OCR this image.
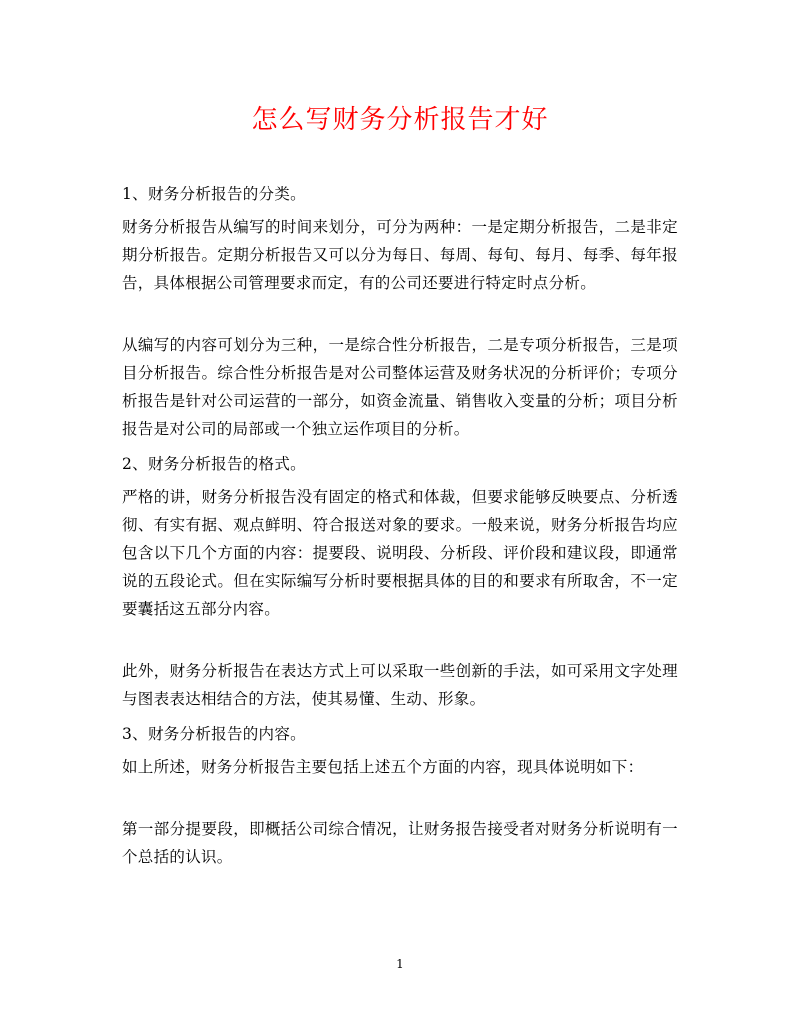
怎么写财务分析报告才好

1、财务分析报告的分类。

财务分析报告从编写的时间来划分，可分为两种：一是定期分析报告，二是非定期分析报告。定期分析报告又可以分为每日、每周、每旬、每月、每季、每年报告，具体根据公司管理要求而定，有的公司还要进行特定时点分析。

从编写的内容可划分为三种，一是综合性分析报告，二是专项分析报告，三是项目分析报告。综合性分析报告是对公司整体运营及财务状况的分析评价；专项分析报告是针对公司运营的一部分，如资金流量、销售收入变量的分析；项目分析报告是对公司的局部或一个独立运作项目的分析。

2、财务分析报告的格式。

严格的讲，财务分析报告没有固定的格式和体裁，但要求能够反映要点、分析透彻、有实有据、观点鲜明、符合报送对象的要求。一般来说，财务分析报告均应包含以下几个方面的内容：提要段、说明段、分析段、评价段和建议段，即通常说的五段论式。但在实际编写分析时要根据具体的目的和要求有所取舍，不一定要囊括这五部分内容。

此外，财务分析报告在表达方式上可以采取一些创新的手法，如可采用文字处理与图表表达相结合的方法，使其易懂、生动、形象。

3、财务分析报告的内容。

如上所述，财务分析报告主要包括上述五个方面的内容，现具体说明如下：

第一部分提要段，即概括公司综合情况，让财务报告接受者对财务分析说明有一个总括的认识。

1
